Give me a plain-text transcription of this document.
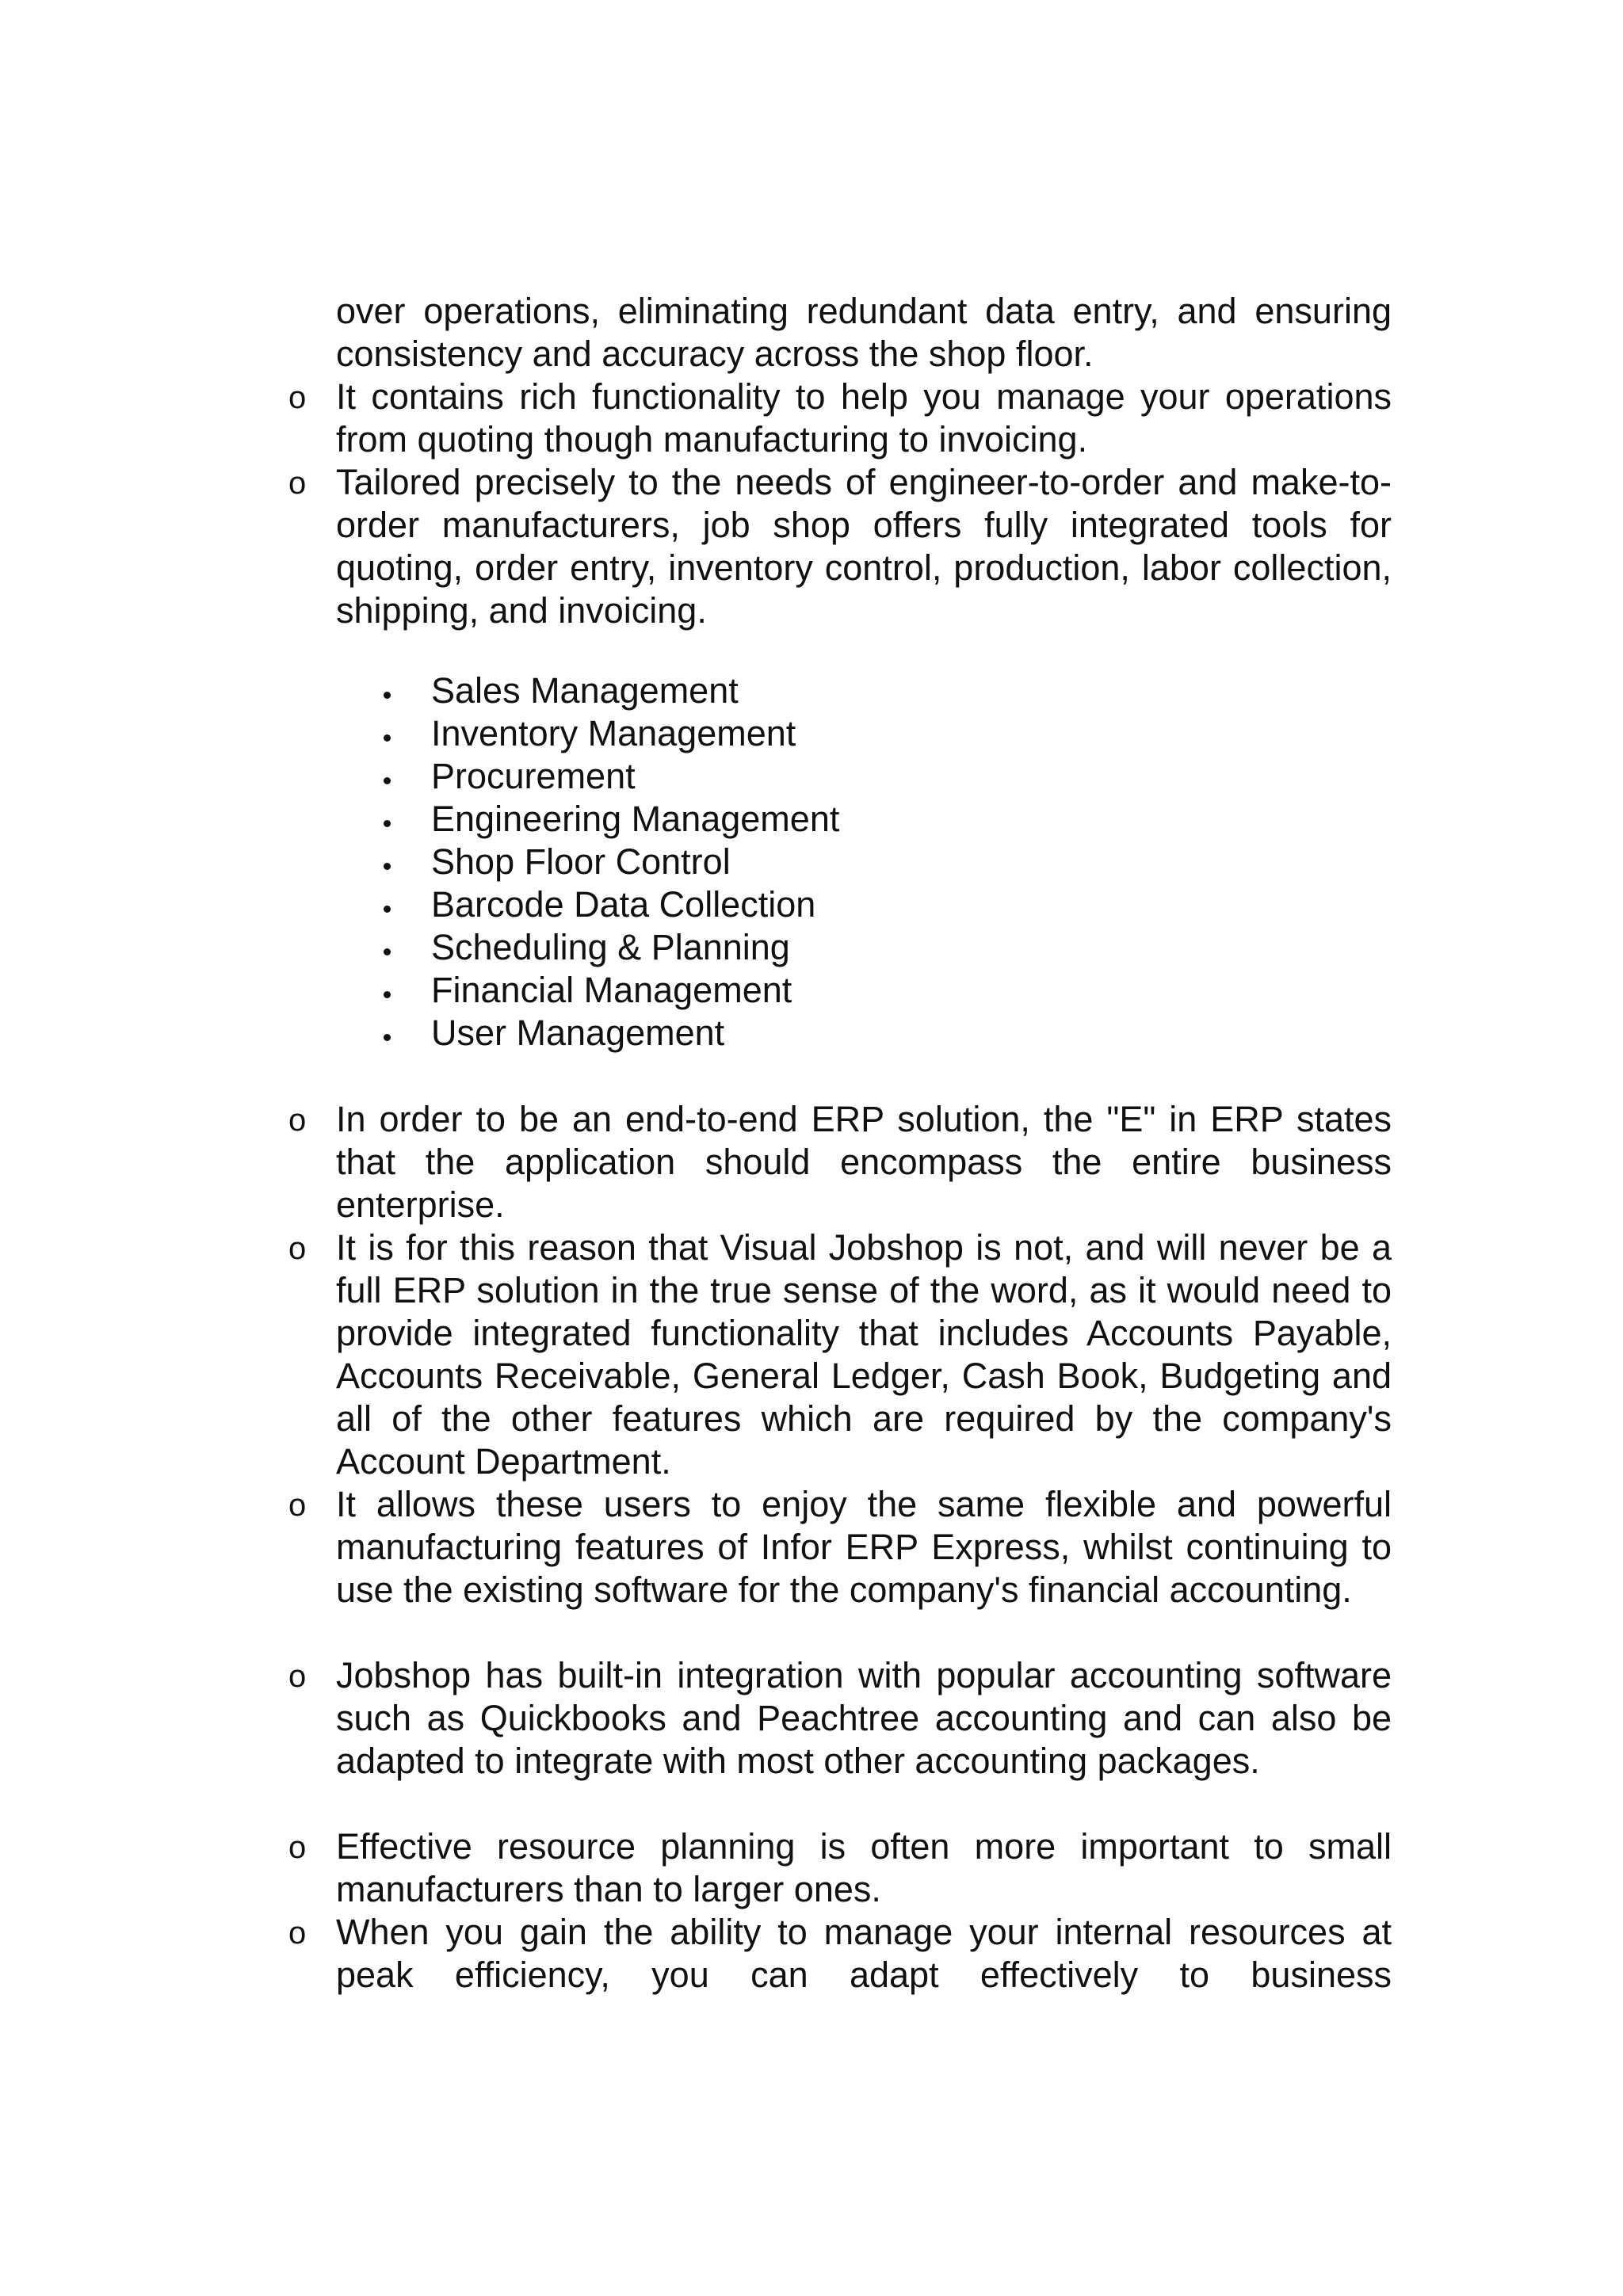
over operations, eliminating redundant data entry, and ensuring consistency and accuracy across the shop floor.
o It contains rich functionality to help you manage your operations from quoting though manufacturing to invoicing.
o Tailored precisely to the needs of engineer-to-order and make-to-order manufacturers, job shop offers fully integrated tools for quoting, order entry, inventory control, production, labor collection, shipping, and invoicing.
Sales Management
Inventory Management
Procurement
Engineering Management
Shop Floor Control
Barcode Data Collection
Scheduling & Planning
Financial Management
User Management
o In order to be an end-to-end ERP solution, the "E" in ERP states that the application should encompass the entire business enterprise.
o It is for this reason that Visual Jobshop is not, and will never be a full ERP solution in the true sense of the word, as it would need to provide integrated functionality that includes Accounts Payable, Accounts Receivable, General Ledger, Cash Book, Budgeting and all of the other features which are required by the company's Account Department.
o It allows these users to enjoy the same flexible and powerful manufacturing features of Infor ERP Express, whilst continuing to use the existing software for the company's financial accounting.
o Jobshop has built-in integration with popular accounting software such as Quickbooks and Peachtree accounting and can also be adapted to integrate with most other accounting packages.
o Effective resource planning is often more important to small manufacturers than to larger ones.
o When you gain the ability to manage your internal resources at peak efficiency, you can adapt effectively to business
